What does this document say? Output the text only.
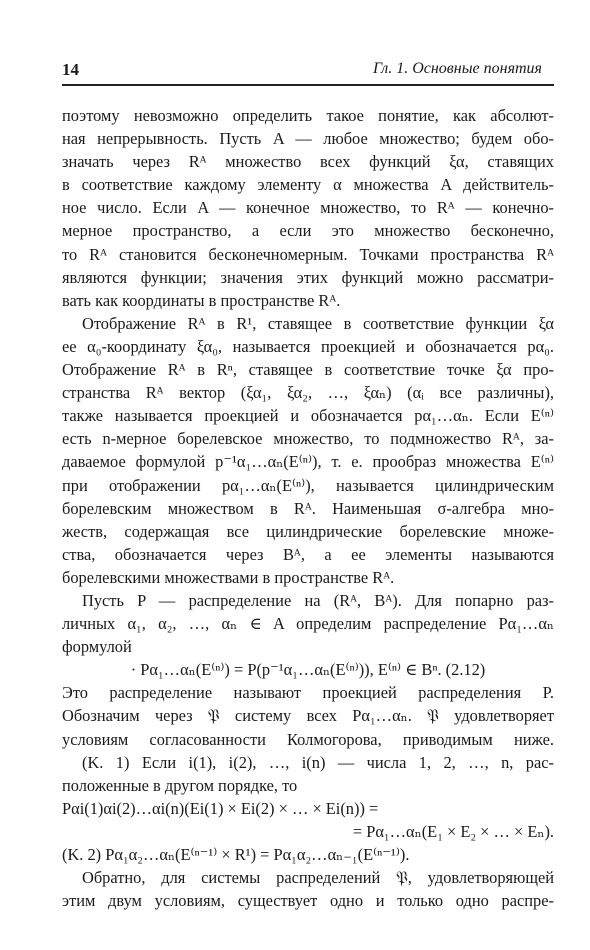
14	Гл. 1. Основные понятия
поэтому невозможно определить такое понятие, как абсолют-
ная непрерывность. Пусть A — любое множество; будем обо-
значать через Rᴬ множество всех функций ξα, ставящих
в соответствие каждому элементу α множества A действитель-
ное число. Если A — конечное множество, то Rᴬ — конечно-
мерное пространство, а если это множество бесконечно,
то Rᴬ становится бесконечномерным. Точками пространства Rᴬ
являются функции; значения этих функций можно рассматри-
вать как координаты в пространстве Rᴬ.
Отображение Rᴬ в R¹, ставящее в соответствие функции ξα
ее α₀-координату ξα₀, называется проекцией и обозначается pα₀.
Отображение Rᴬ в Rⁿ, ставящее в соответствие точке ξα про-
странства Rᴬ вектор (ξα₁, ξα₂, …, ξαₙ) (αᵢ все различны),
также называется проекцией и обозначается pα₁…αₙ. Если E⁽ⁿ⁾
есть n-мерное борелевское множество, то подмножество Rᴬ, за-
даваемое формулой p⁻¹α₁…αₙ(E⁽ⁿ⁾), т. е. прообраз множества E⁽ⁿ⁾
при отображении pα₁…αₙ(E⁽ⁿ⁾), называется цилиндрическим
борелевским множеством в Rᴬ. Наименьшая σ-алгебра мно-
жеств, содержащая все цилиндрические борелевские множе-
ства, обозначается через Bᴬ, а ее элементы называются
борелевскими множествами в пространстве Rᴬ.
Пусть P — распределение на (Rᴬ, Bᴬ). Для попарно раз-
личных α₁, α₂, …, αₙ ∈ A определим распределение Pα₁…αₙ
формулой
· Pα₁…αₙ(E⁽ⁿ⁾) = P(p⁻¹α₁…αₙ(E⁽ⁿ⁾)), E⁽ⁿ⁾ ∈ Bⁿ. (2.12)
Это распределение называют проекцией распределения P.
Обозначим через 𝔓 систему всех Pα₁…αₙ. 𝔓 удовлетворяет
условиям согласованности Колмогорова, приводимым ниже.
(K. 1) Если i(1), i(2), …, i(n) — числа 1, 2, …, n, рас-
положенные в другом порядке, то
Pαi(1)αi(2)…αi(n)(Ei(1) × Ei(2) × … × Ei(n)) =
= Pα₁…αₙ(E₁ × E₂ × … × Eₙ).
(K. 2) Pα₁α₂…αₙ(E⁽ⁿ⁻¹⁾ × R¹) = Pα₁α₂…αₙ₋₁(E⁽ⁿ⁻¹⁾).
Обратно, для системы распределений 𝔓, удовлетворяющей
этим двум условиям, существует одно и только одно распре-
